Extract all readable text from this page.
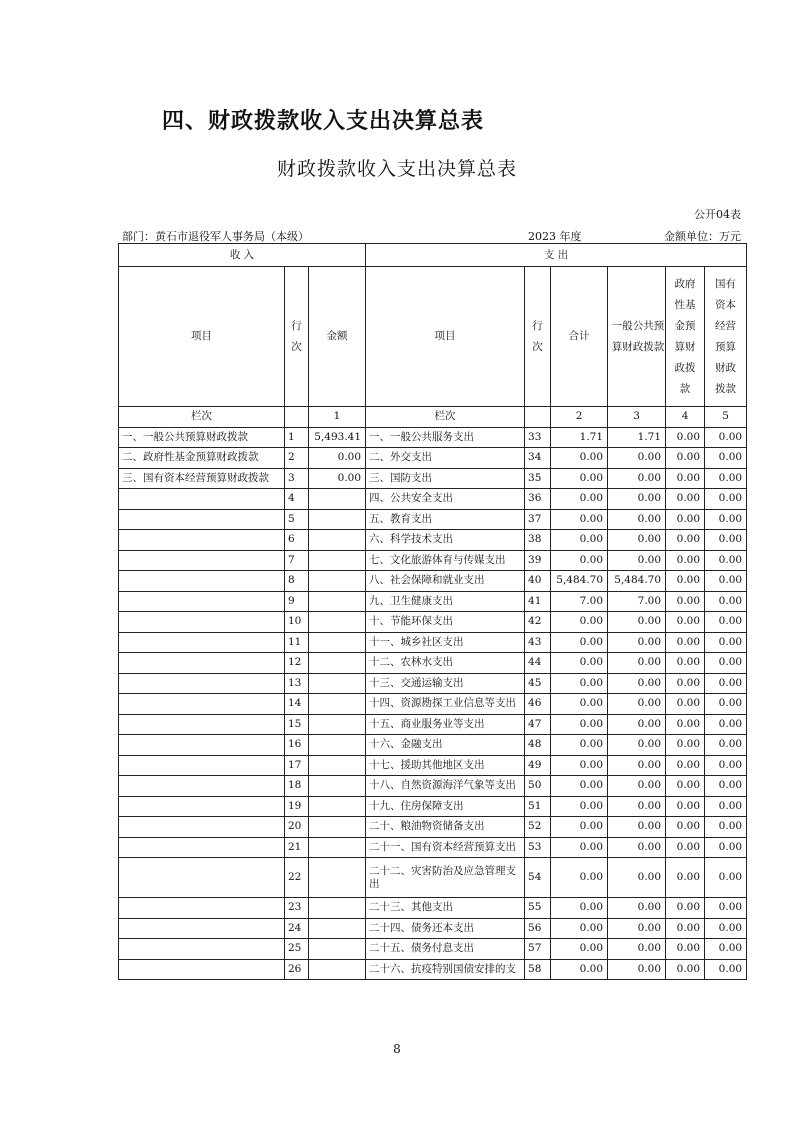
四、财政拨款收入支出决算总表
财政拨款收入支出决算总表
公开04表
部门：黄石市退役军人事务局（本级）	2023 年度	金额单位：万元
收 入			支 出					
项目	行次	金额	项目	行次	合计	一般公共预算财政拨款	政府性基金预算财政拨款	国有资本经营预算财政拨款
栏次		1	栏次		2	3	4	5
一、一般公共预算财政拨款	1	5,493.41	一、一般公共服务支出	33	1.71	1.71	0.00	0.00
二、政府性基金预算财政拨款	2	0.00	二、外交支出	34	0.00	0.00	0.00	0.00
三、国有资本经营预算财政拨款	3	0.00	三、国防支出	35	0.00	0.00	0.00	0.00
	4		四、公共安全支出	36	0.00	0.00	0.00	0.00
	5		五、教育支出	37	0.00	0.00	0.00	0.00
	6		六、科学技术支出	38	0.00	0.00	0.00	0.00
	7		七、文化旅游体育与传媒支出	39	0.00	0.00	0.00	0.00
	8		八、社会保障和就业支出	40	5,484.70	5,484.70	0.00	0.00
	9		九、卫生健康支出	41	7.00	7.00	0.00	0.00
	10		十、节能环保支出	42	0.00	0.00	0.00	0.00
	11		十一、城乡社区支出	43	0.00	0.00	0.00	0.00
	12		十二、农林水支出	44	0.00	0.00	0.00	0.00
	13		十三、交通运输支出	45	0.00	0.00	0.00	0.00
	14		十四、资源勘探工业信息等支出	46	0.00	0.00	0.00	0.00
	15		十五、商业服务业等支出	47	0.00	0.00	0.00	0.00
	16		十六、金融支出	48	0.00	0.00	0.00	0.00
	17		十七、援助其他地区支出	49	0.00	0.00	0.00	0.00
	18		十八、自然资源海洋气象等支出	50	0.00	0.00	0.00	0.00
	19		十九、住房保障支出	51	0.00	0.00	0.00	0.00
	20		二十、粮油物资储备支出	52	0.00	0.00	0.00	0.00
	21		二十一、国有资本经营预算支出	53	0.00	0.00	0.00	0.00
	22		二十二、灾害防治及应急管理支出	54	0.00	0.00	0.00	0.00
	23		二十三、其他支出	55	0.00	0.00	0.00	0.00
	24		二十四、债务还本支出	56	0.00	0.00	0.00	0.00
	25		二十五、债务付息支出	57	0.00	0.00	0.00	0.00
	26		二十六、抗疫特别国债安排的支	58	0.00	0.00	0.00	0.00
8
